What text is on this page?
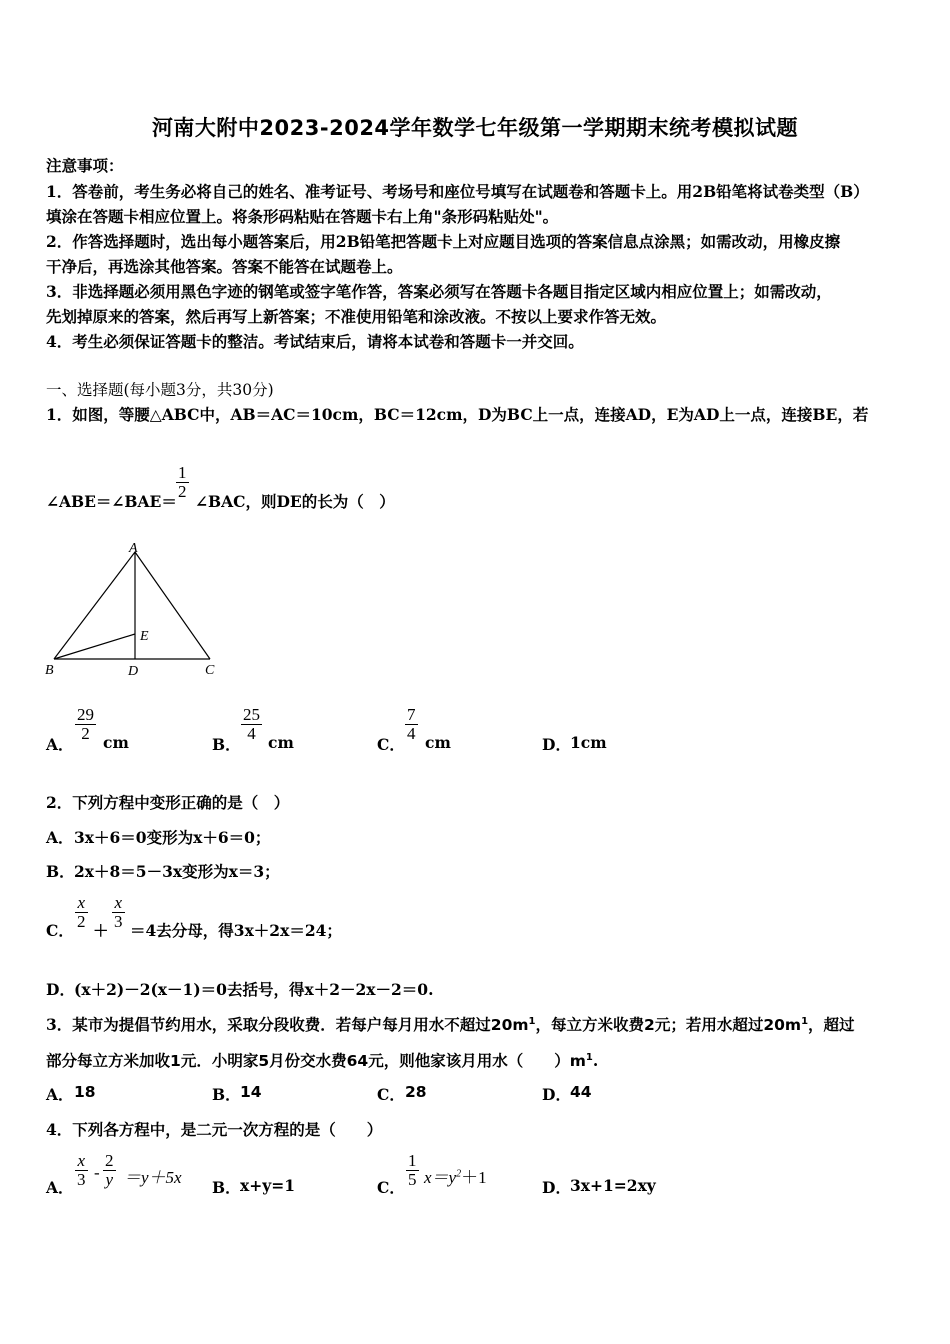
河南大附中2023-2024学年数学七年级第一学期期末统考模拟试题
注意事项：
1．答卷前，考生务必将自己的姓名、准考证号、考场号和座位号填写在试题卷和答题卡上。用2B铅笔将试卷类型（B）
填涂在答题卡相应位置上。将条形码粘贴在答题卡右上角"条形码粘贴处"。
2．作答选择题时，选出每小题答案后，用2B铅笔把答题卡上对应题目选项的答案信息点涂黑；如需改动，用橡皮擦
干净后，再选涂其他答案。答案不能答在试题卷上。
3．非选择题必须用黑色字迹的钢笔或签字笔作答，答案必须写在答题卡各题目指定区域内相应位置上；如需改动，
先划掉原来的答案，然后再写上新答案；不准使用铅笔和涂改液。不按以上要求作答无效。
4．考生必须保证答题卡的整洁。考试结束后，请将本试卷和答题卡一并交回。
一、选择题(每小题3分，共30分)
1．如图，等腰△ABC中，AB＝AC＝10cm，BC＝12cm，D为BC上一点，连接AD，E为AD上一点，连接BE，若
∠ABE＝∠BAE＝
1
2
∠BAC，则DE的长为（　）
A
B	C
D
E
A．
29
2 cm	B．
25
4 cm	C．
7
4 cm	D． 1cm
2．下列方程中变形正确的是（　）
A． 3x＋6＝0变形为x＋6＝0；
B． 2x＋8＝5－3x变形为x＝3；
C．
x
2 ＋
x
3 ＝4去分母，得3x＋2x＝24；
D． (x＋2)－2(x－1)＝0去括号，得x＋2－2x－2＝0.
3．某市为提倡节约用水，采取分段收费．若每户每月用水不超过$20m^1$，每立方米收费2元；若用水超过$20m^1$，超过
部分每立方米加收1元．小明家5月份交水费64元，则他家该月用水（　　）$m^1$.
A． 18	B． 14	C． 28	D． 44
4．下列各方程中，是二元一次方程的是（　　）
A．
x
3 -
2
y ＝y＋5x
B． x+y=1	C．
1
5 $x=y^2+1$
D． 3x+1=2xy
